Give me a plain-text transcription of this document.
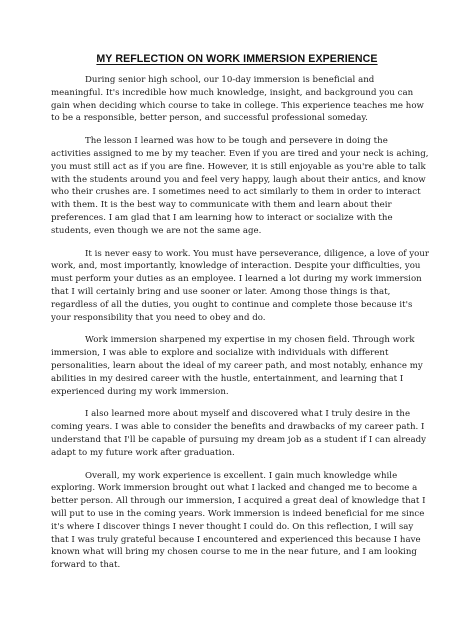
MY REFLECTION ON WORK IMMERSION EXPERIENCE

During senior high school, our 10-day immersion is beneficial and meaningful. It's incredible how much knowledge, insight, and background you can gain when deciding which course to take in college. This experience teaches me how to be a responsible, better person, and successful professional someday.

The lesson I learned was how to be tough and persevere in doing the activities assigned to me by my teacher. Even if you are tired and your neck is aching, you must still act as if you are fine. However, it is still enjoyable as you're able to talk with the students around you and feel very happy, laugh about their antics, and know who their crushes are. I sometimes need to act similarly to them in order to interact with them. It is the best way to communicate with them and learn about their preferences. I am glad that I am learning how to interact or socialize with the students, even though we are not the same age.

It is never easy to work. You must have perseverance, diligence, a love of your work, and, most importantly, knowledge of interaction. Despite your difficulties, you must perform your duties as an employee. I learned a lot during my work immersion that I will certainly bring and use sooner or later. Among those things is that, regardless of all the duties, you ought to continue and complete those because it's your responsibility that you need to obey and do.

Work immersion sharpened my expertise in my chosen field. Through work immersion, I was able to explore and socialize with individuals with different personalities, learn about the ideal of my career path, and most notably, enhance my abilities in my desired career with the hustle, entertainment, and learning that I experienced during my work immersion.

I also learned more about myself and discovered what I truly desire in the coming years. I was able to consider the benefits and drawbacks of my career path. I understand that I'll be capable of pursuing my dream job as a student if I can already adapt to my future work after graduation.

Overall, my work experience is excellent. I gain much knowledge while exploring. Work immersion brought out what I lacked and changed me to become a better person. All through our immersion, I acquired a great deal of knowledge that I will put to use in the coming years. Work immersion is indeed beneficial for me since it's where I discover things I never thought I could do. On this reflection, I will say that I was truly grateful because I encountered and experienced this because I have known what will bring my chosen course to me in the near future, and I am looking forward to that.
